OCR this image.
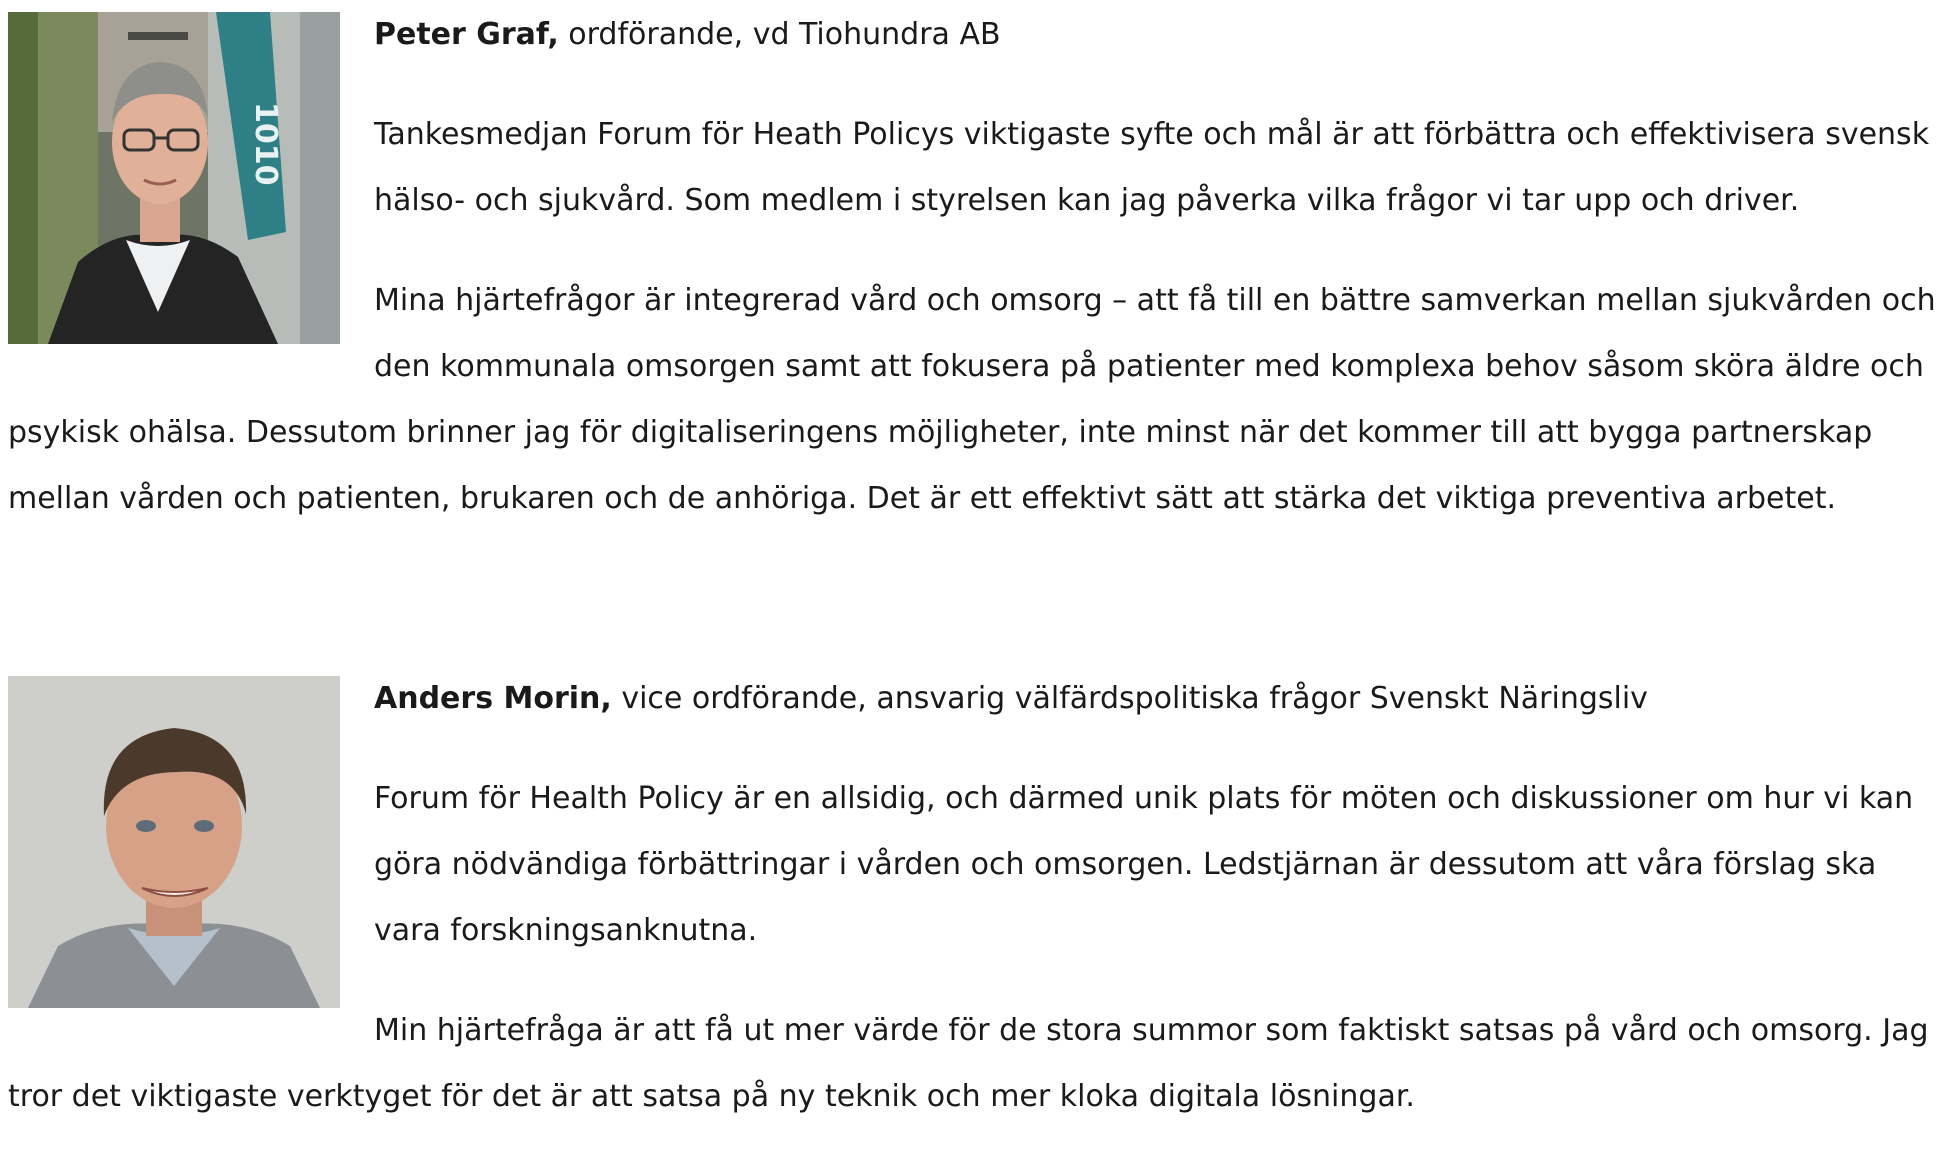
1010

Peter Graf, ordförande, vd Tiohundra AB

Tankesmedjan Forum för Heath Policys viktigaste syfte och mål är att förbättra och effektivisera svensk hälso- och sjukvård. Som medlem i styrelsen kan jag påverka vilka frågor vi tar upp och driver.

Mina hjärtefrågor är integrerad vård och omsorg – att få till en bättre samverkan mellan sjukvården och den kommunala omsorgen samt att fokusera på patienter med komplexa behov såsom sköra äldre och psykisk ohälsa. Dessutom brinner jag för digitaliseringens möjligheter, inte minst när det kommer till att bygga partnerskap mellan vården och patienten, brukaren och de anhöriga. Det är ett effektivt sätt att stärka det viktiga preventiva arbetet.

Anders Morin, vice ordförande, ansvarig välfärdspolitiska frågor Svenskt Näringsliv

Forum för Health Policy är en allsidig, och därmed unik plats för möten och diskussioner om hur vi kan göra nödvändiga förbättringar i vården och omsorgen. Ledstjärnan är dessutom att våra förslag ska vara forskningsanknutna.

Min hjärtefråga är att få ut mer värde för de stora summor som faktiskt satsas på vård och omsorg. Jag tror det viktigaste verktyget för det är att satsa på ny teknik och mer kloka digitala lösningar.
